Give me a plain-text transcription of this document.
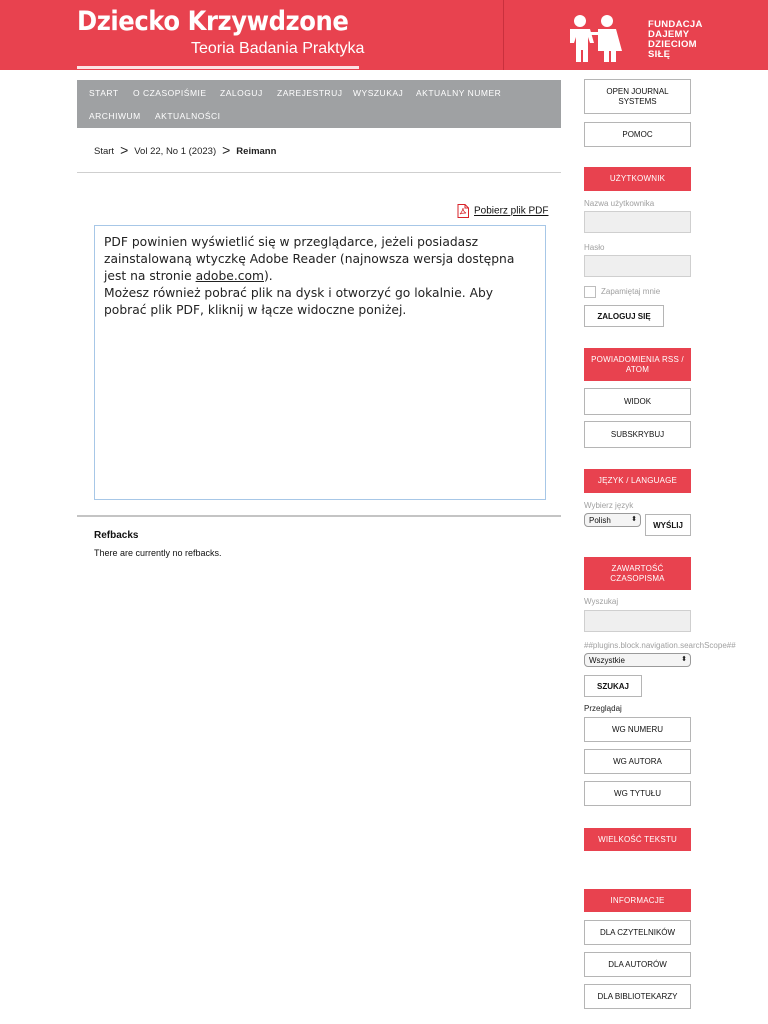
Dziecko Krzywdzone
Teoria Badania Praktyka
FUNDACJA
DAJEMY
DZIECIOM
SIŁĘ
START O CZASOPIŚMIE ZALOGUJ ZAREJESTRUJ WYSZUKAJ AKTUALNY NUMER
ARCHIWUM AKTUALNOŚCI
Start > Vol 22, No 1 (2023) > Reimann
Pobierz plik PDF

PDF powinien wyświetlić się w przeglądarce, jeżeli posiadasz zainstalowaną wtyczkę Adobe Reader (najnowsza wersja dostępna jest na stronie adobe.com).

Możesz również pobrać plik na dysk i otworzyć go lokalnie. Aby pobrać plik PDF, kliknij w łącze widoczne poniżej.

Refbacks
There are currently no refbacks.
OPEN JOURNAL SYSTEMS
POMOC
UŻYTKOWNIK
Nazwa użytkownika
Hasło
Zapamiętaj mnie
ZALOGUJ SIĘ
POWIADOMIENIA RSS / ATOM
WIDOK
SUBSKRYBUJ
JĘZYK / LANGUAGE
Wybierz język
Polish	⬍
WYŚLIJ
ZAWARTOŚĆ CZASOPISMA
Wyszukaj
##plugins.block.navigation.searchScope##
Wszystkie	⬍
SZUKAJ
Przeglądaj
WG NUMERU
WG AUTORA
WG TYTUŁU
WIELKOŚĆ TEKSTU
INFORMACJE
DLA CZYTELNIKÓW
DLA AUTORÓW
DLA BIBLIOTEKARZY
